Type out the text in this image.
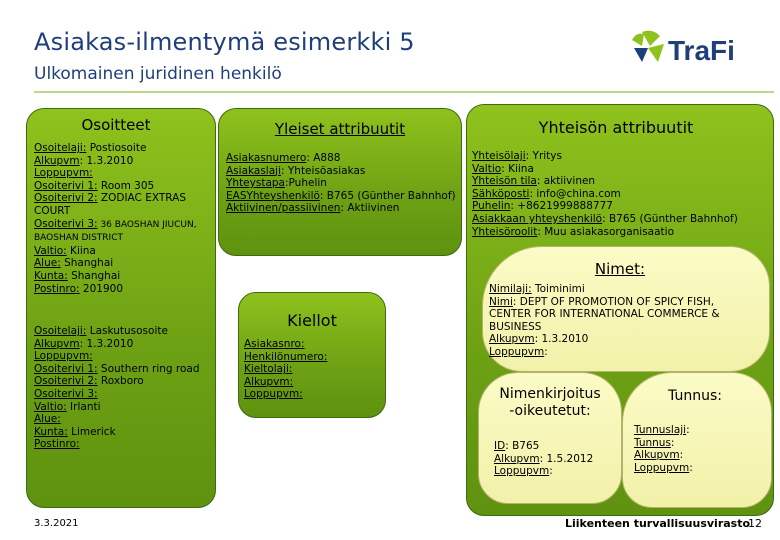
Asiakas-ilmentymä esimerkki 5
Ulkomainen juridinen henkilö
TraFi
Osoitteet
Osoitelaji: Postiosoite
Alkupvm: 1.3.2010
Loppupvm:
Osoiterivi 1: Room 305
Osoiterivi 2: ZODIAC EXTRAS COURT
Osoiterivi 3: 36 BAOSHAN JIUCUN, BAOSHAN DISTRICT
Valtio: Kiina
Alue: Shanghai
Kunta: Shanghai
Postinro: 201900
Osoitelaji: Laskutusosoite
Alkupvm: 1.3.2010
Loppupvm:
Osoiterivi 1: Southern ring road
Osoiterivi 2: Roxboro
Osoiterivi 3:
Valtio: Irlanti
Alue:
Kunta: Limerick
Postinro:
Yleiset attribuutit
Asiakasnumero: A888
Asiakaslaji: Yhteisöasiakas
Yhteystapa:Puhelin
EASYhteyshenkilö: B765 (Günther Bahnhof)
Aktiivinen/passiivinen: Aktiivinen
Kiellot
Asiakasnro:
Henkilönumero:
Kieltolaji:
Alkupvm:
Loppupvm:
Yhteisön attribuutit
Yhteisölaji: Yritys
Valtio: Kiina
Yhteisön tila: aktiivinen
Sähköposti: info@china.com
Puhelin: +8621999888777
Asiakkaan yhteyshenkilö: B765 (Günther Bahnhof)
Yhteisöroolit: Muu asiakasorganisaatio
Nimet:
Nimilaji: Toiminimi
Nimi: DEPT OF PROMOTION OF SPICY FISH, CENTER FOR INTERNATIONAL COMMERCE & BUSINESS
Alkupvm: 1.3.2010
Loppupvm:
Nimenkirjoitus
-oikeutetut:
ID: B765
Alkupvm: 1.5.2012
Loppupvm:
Tunnus:
Tunnuslaji:
Tunnus:
Alkupvm:
Loppupvm:
3.3.2021	Liikenteen turvallisuusvirasto
12
